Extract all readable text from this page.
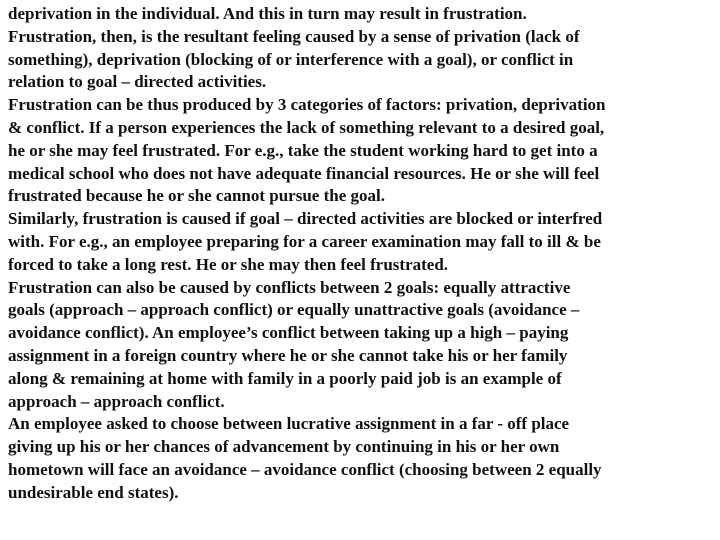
deprivation in the individual. And this in turn may result in frustration.
Frustration, then, is the resultant feeling caused by a sense of privation (lack of
something), deprivation (blocking of or interference with a goal), or conflict in
relation to goal – directed activities.
Frustration can be thus produced by 3 categories of factors: privation, deprivation
& conflict. If a person experiences the lack of something relevant to a desired goal,
he or she may feel frustrated. For e.g., take the student working hard to get into a
medical school who does not have adequate financial resources. He or she will feel
frustrated because he or she cannot pursue the goal.
Similarly, frustration is caused if goal – directed activities are blocked or interfred
with. For e.g., an employee preparing for a career examination may fall to ill & be
forced to take a long rest. He or she may then feel frustrated.
Frustration can also be caused by conflicts between 2 goals: equally attractive
goals (approach – approach conflict) or equally unattractive goals (avoidance –
avoidance conflict). An employee’s conflict between taking up a high – paying
assignment in a foreign country where he or she cannot take his or her family
along & remaining at home with family in a poorly paid job is an example of
approach – approach conflict.
An employee asked to choose between lucrative assignment in a far - off place
giving up his or her chances of advancement by continuing in his or her own
hometown will face an avoidance – avoidance conflict (choosing between 2 equally
undesirable end states).
